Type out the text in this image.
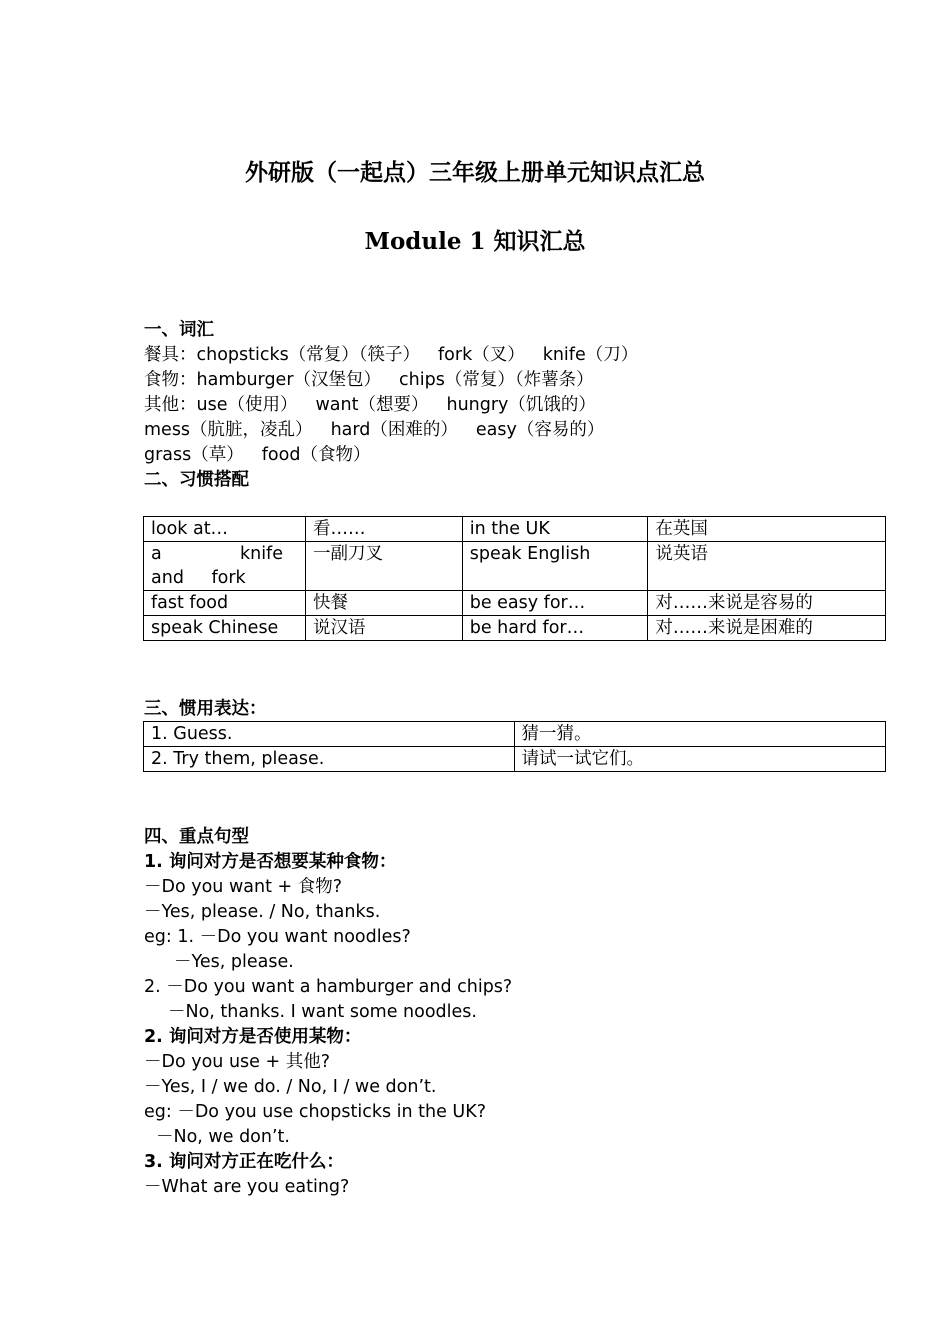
外研版（一起点）三年级上册单元知识点汇总
Module 1 知识汇总
一、词汇
餐具：chopsticks（常复）（筷子） fork（叉） knife（刀）
食物：hamburger（汉堡包） chips（常复）（炸薯条）
其他：use（使用） want（想要） hungry（饥饿的）
mess（肮脏，凌乱） hard（困难的） easy（容易的）
grass（草） food（食物）
二、习惯搭配
look at…	看……	in the UK	在英国

a knife and fork	一副刀叉	speak English	说英语
fast food	快餐	be easy for…	对……来说是容易的
speak Chinese	说汉语	be hard for…	对……来说是困难的
三、惯用表达：
1. Guess.	猜一猜。
2. Try them, please.	请试一试它们。
四、重点句型
1. 询问对方是否想要某种食物：
－Do you want + 食物?
－Yes, please. / No, thanks.
eg: 1. －Do you want noodles?
－Yes, please.
2. －Do you want a hamburger and chips?
－No, thanks. I want some noodles.
2. 询问对方是否使用某物：
－Do you use + 其他?
－Yes, I / we do. / No, I / we don’t.
eg: －Do you use chopsticks in the UK?
－No, we don’t.
3. 询问对方正在吃什么：
－What are you eating?
